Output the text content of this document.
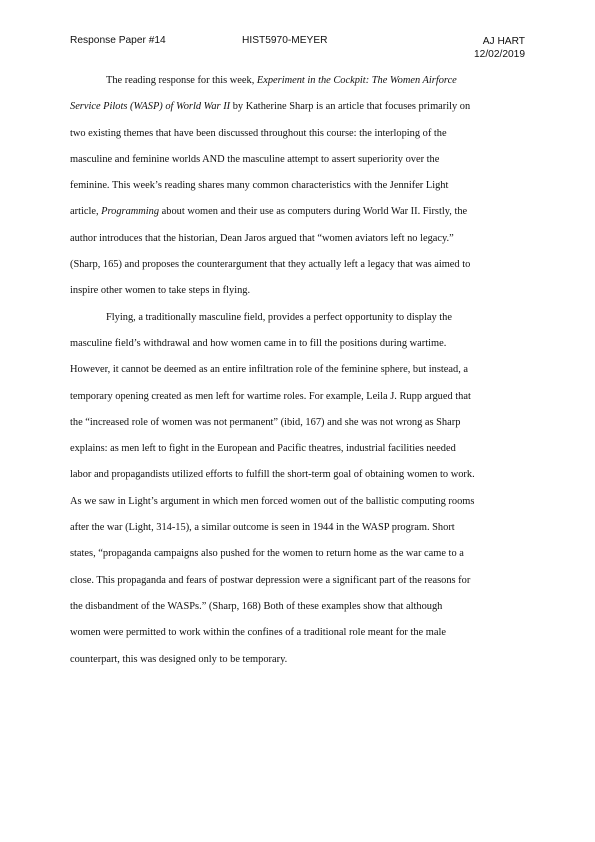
Response Paper #14	HIST5970-MEYER	AJ HART
12/02/2019
The reading response for this week, Experiment in the Cockpit: The Women Airforce
Service Pilots (WASP) of World War II by Katherine Sharp is an article that focuses primarily on
two existing themes that have been discussed throughout this course: the interloping of the
masculine and feminine worlds AND the masculine attempt to assert superiority over the
feminine. This week’s reading shares many common characteristics with the Jennifer Light
article, Programming about women and their use as computers during World War II. Firstly, the
author introduces that the historian, Dean Jaros argued that “women aviators left no legacy.”
(Sharp, 165) and proposes the counterargument that they actually left a legacy that was aimed to
inspire other women to take steps in flying.
Flying, a traditionally masculine field, provides a perfect opportunity to display the
masculine field’s withdrawal and how women came in to fill the positions during wartime.
However, it cannot be deemed as an entire infiltration role of the feminine sphere, but instead, a
temporary opening created as men left for wartime roles. For example, Leila J. Rupp argued that
the “increased role of women was not permanent” (ibid, 167) and she was not wrong as Sharp
explains: as men left to fight in the European and Pacific theatres, industrial facilities needed
labor and propagandists utilized efforts to fulfill the short-term goal of obtaining women to work.
As we saw in Light’s argument in which men forced women out of the ballistic computing rooms
after the war (Light, 314-15), a similar outcome is seen in 1944 in the WASP program. Short
states, “propaganda campaigns also pushed for the women to return home as the war came to a
close. This propaganda and fears of postwar depression were a significant part of the reasons for
the disbandment of the WASPs.” (Sharp, 168) Both of these examples show that although
women were permitted to work within the confines of a traditional role meant for the male
counterpart, this was designed only to be temporary.
